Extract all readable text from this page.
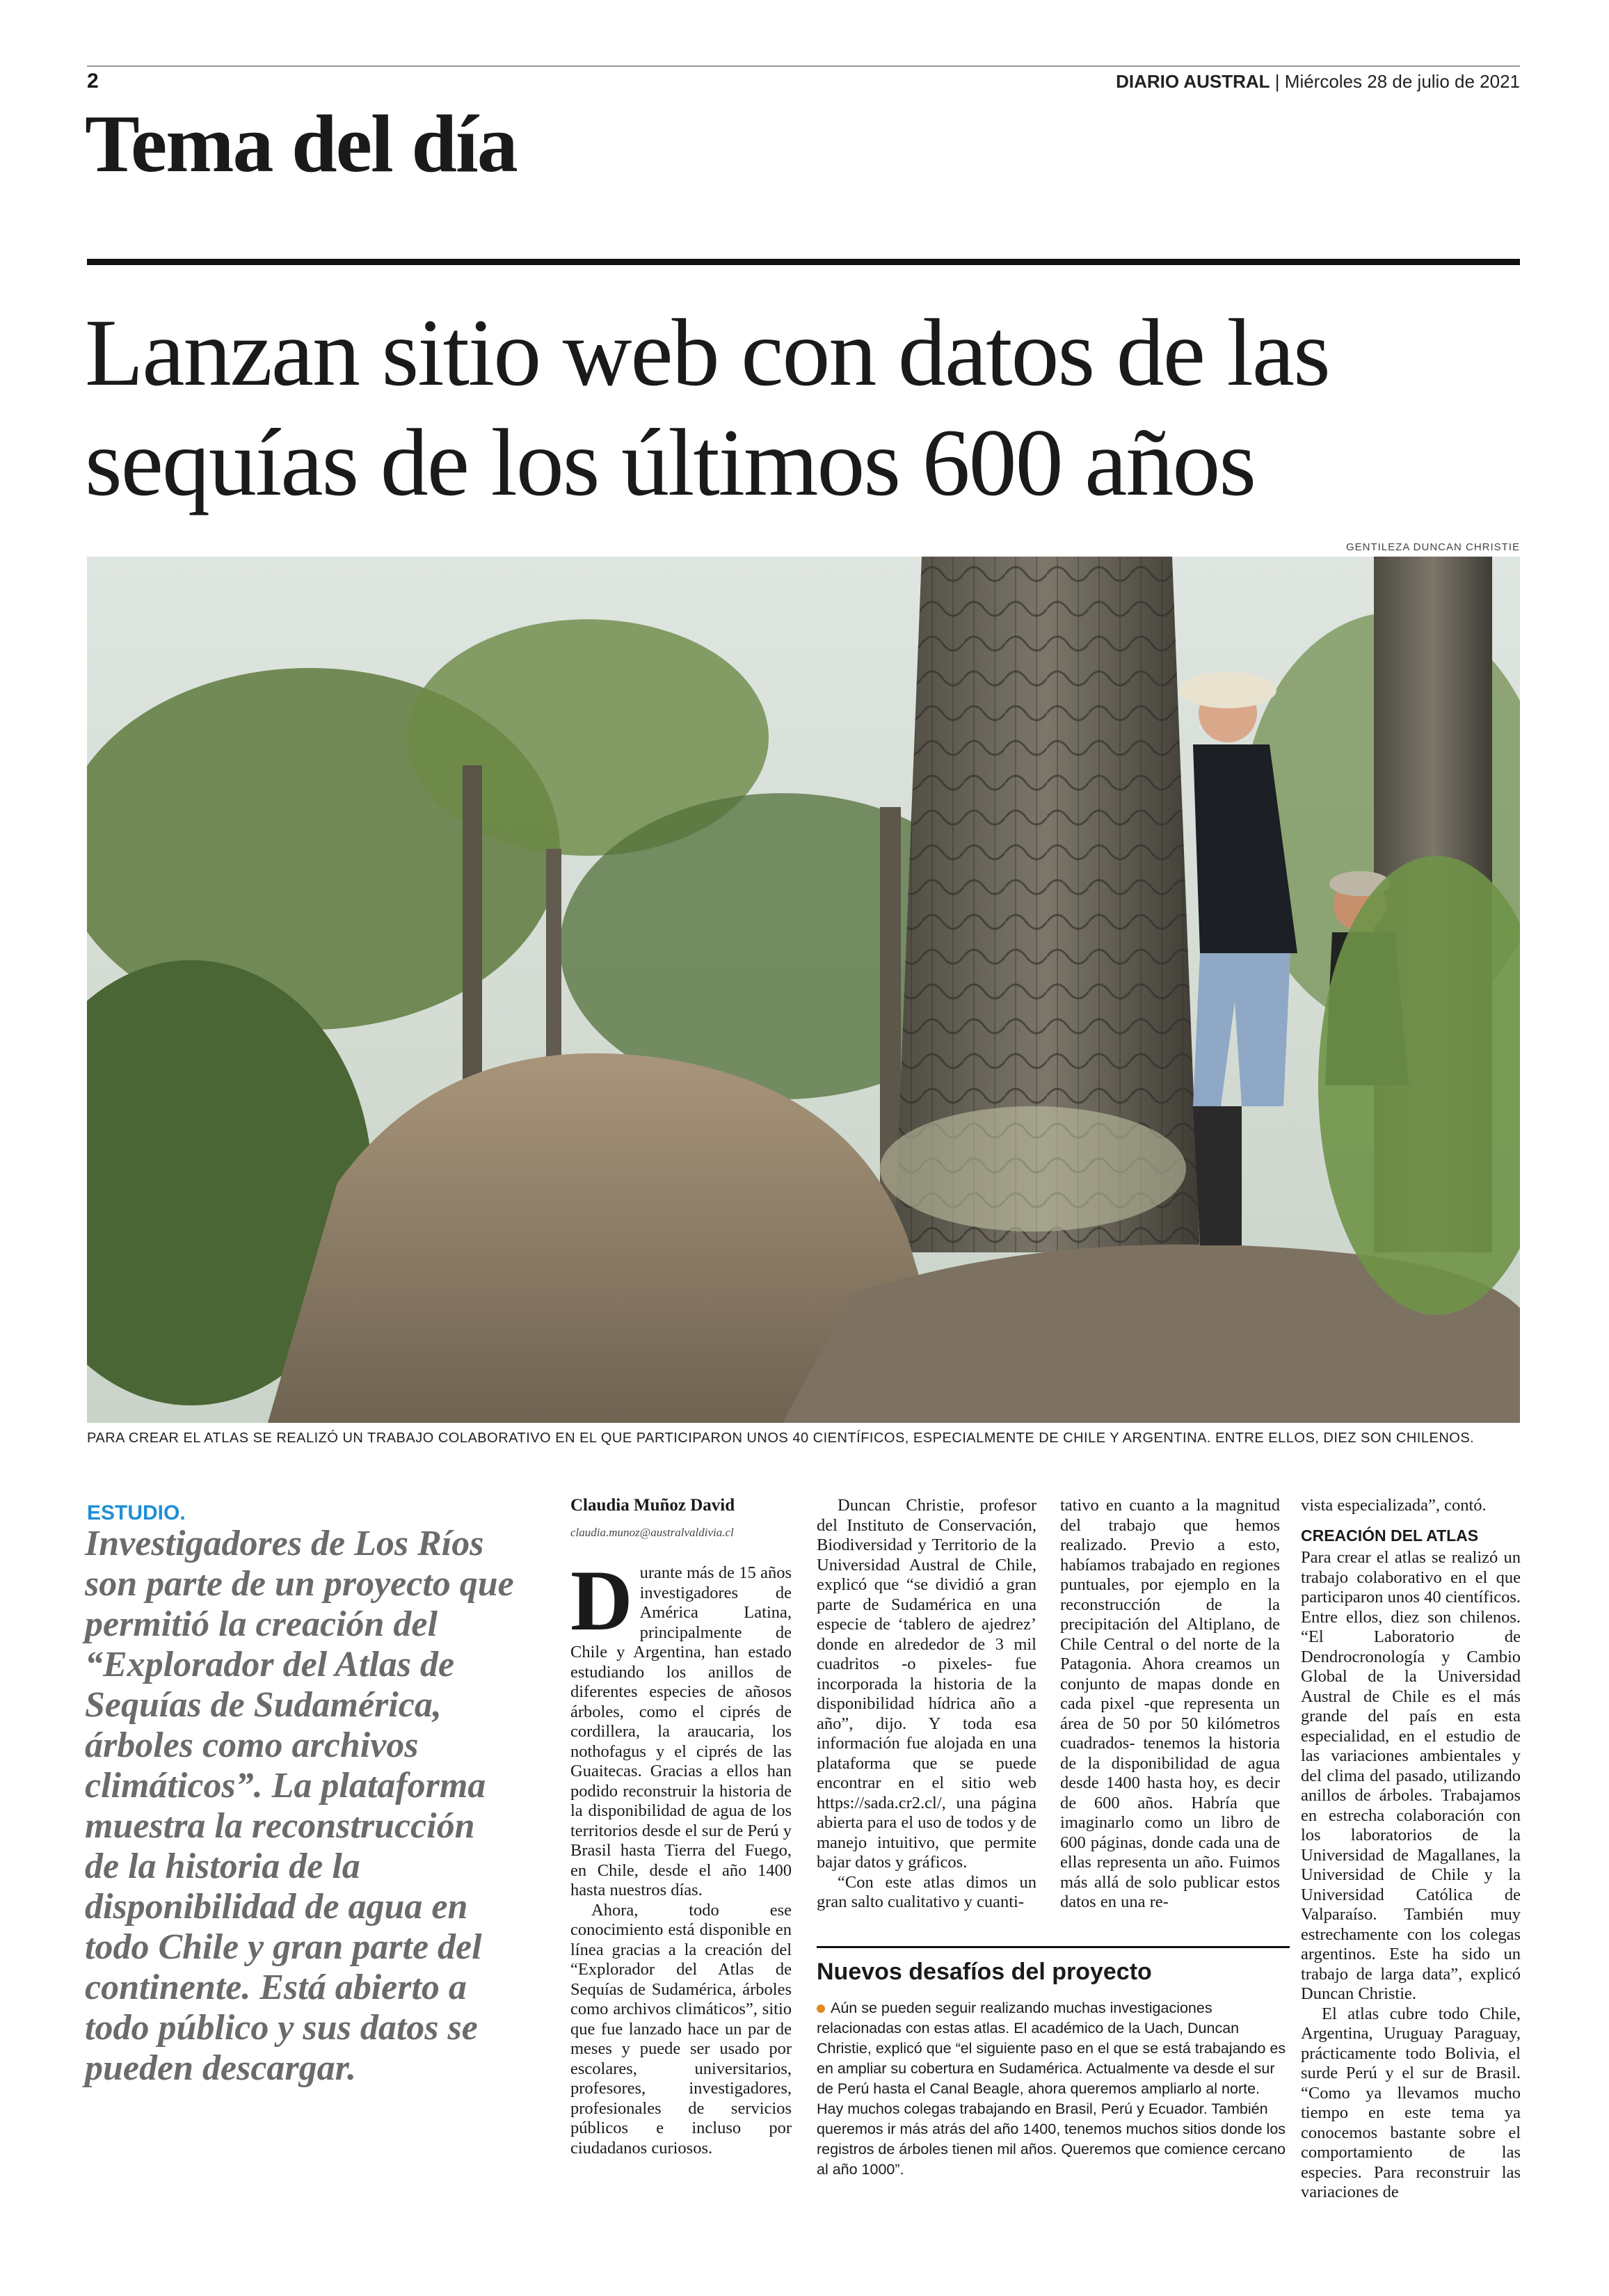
2	DIARIO AUSTRAL | Miércoles 28 de julio de 2021
Tema del día
Lanzan sitio web con datos de las
sequías de los últimos 600 años
GENTILEZA DUNCAN CHRISTIE
PARA CREAR EL ATLAS SE REALIZÓ UN TRABAJO COLABORATIVO EN EL QUE PARTICIPARON UNOS 40 CIENTÍFICOS, ESPECIALMENTE DE CHILE Y ARGENTINA. ENTRE ELLOS, DIEZ SON CHILENOS.
ESTUDIO.
Investigadores de Los Ríos son parte de un proyecto que permitió la creación del “Explorador del Atlas de Sequías de Sudamérica, árboles como archivos climáticos”. La plataforma muestra la reconstrucción de la historia de la disponibilidad de agua en todo Chile y gran parte del continente. Está abierto a todo público y sus datos se pueden descargar.
Claudia Muñoz David
claudia.munoz@australvaldivia.cl
D urante más de 15 años investigadores de América Latina, principalmente de Chile y Argentina, han estado estudiando los anillos de diferentes especies de añosos árboles, como el ciprés de cordillera, la araucaria, los nothofagus y el ciprés de las Guaitecas. Gracias a ellos han podido reconstruir la historia de la disponibilidad de agua de los territorios desde el sur de Perú y Brasil hasta Tierra del Fuego, en Chile, desde el año 1400 hasta nuestros días.

Ahora, todo ese conocimiento está disponible en línea gracias a la creación del “Explorador del Atlas de Sequías de Sudamérica, árboles como archivos climáticos”, sitio que fue lanzado hace un par de meses y puede ser usado por escolares, universitarios, profesores, investigadores, profesionales de servicios públicos e incluso por ciudadanos curiosos.

Duncan Christie, profesor del Instituto de Conservación, Biodiversidad y Territorio de la Universidad Austral de Chile, explicó que “se dividió a gran parte de Sudamérica en una especie de ‘tablero de ajedrez’ donde en alrededor de 3 mil cuadritos -o pixeles- fue incorporada la historia de la disponibilidad hídrica año a año”, dijo. Y toda esa información fue alojada en una plataforma que se puede encontrar en el sitio web https://sada.cr2.cl/, una página abierta para el uso de todos y de manejo intuitivo, que permite bajar datos y gráficos.

“Con este atlas dimos un gran salto cualitativo y cuanti-

tativo en cuanto a la magnitud del trabajo que hemos realizado. Previo a esto, habíamos trabajado en regiones puntuales, por ejemplo en la reconstrucción de la precipitación del Altiplano, de Chile Central o del norte de la Patagonia. Ahora creamos un conjunto de mapas donde en cada pixel -que representa un área de 50 por 50 kilómetros cuadrados- tenemos la historia de la disponibilidad de agua desde 1400 hasta hoy, es decir de 600 años. Habría que imaginarlo como un libro de 600 páginas, donde cada una de ellas representa un año. Fuimos más allá de solo publicar estos datos en una re-

Nuevos desafíos del proyecto
Aún se pueden seguir realizando muchas investigaciones relacionadas con estas atlas. El académico de la Uach, Duncan Christie, explicó que “el siguiente paso en el que se está trabajando es en ampliar su cobertura en Sudamérica. Actualmente va desde el sur de Perú hasta el Canal Beagle, ahora queremos ampliarlo al norte. Hay muchos colegas trabajando en Brasil, Perú y Ecuador. También queremos ir más atrás del año 1400, tenemos muchos sitios donde los registros de árboles tienen mil años. Queremos que comience cercano al año 1000”.

vista especializada”, contó.

CREACIÓN DEL ATLAS

Para crear el atlas se realizó un trabajo colaborativo en el que participaron unos 40 científicos. Entre ellos, diez son chilenos. “El Laboratorio de Dendrocronología y Cambio Global de la Universidad Austral de Chile es el más grande del país en esta especialidad, en el estudio de las variaciones ambientales y del clima del pasado, utilizando anillos de árboles. Trabajamos en estrecha colaboración con los laboratorios de la Universidad de Magallanes, la Universidad de Chile y la Universidad Católica de Valparaíso. También muy estrechamente con los colegas argentinos. Este ha sido un trabajo de larga data”, explicó Duncan Christie.

El atlas cubre todo Chile, Argentina, Uruguay Paraguay, prácticamente todo Bolivia, el surde Perú y el sur de Brasil. “Como ya llevamos mucho tiempo en este tema ya conocemos bastante sobre el comportamiento de las especies. Para reconstruir las variaciones de
